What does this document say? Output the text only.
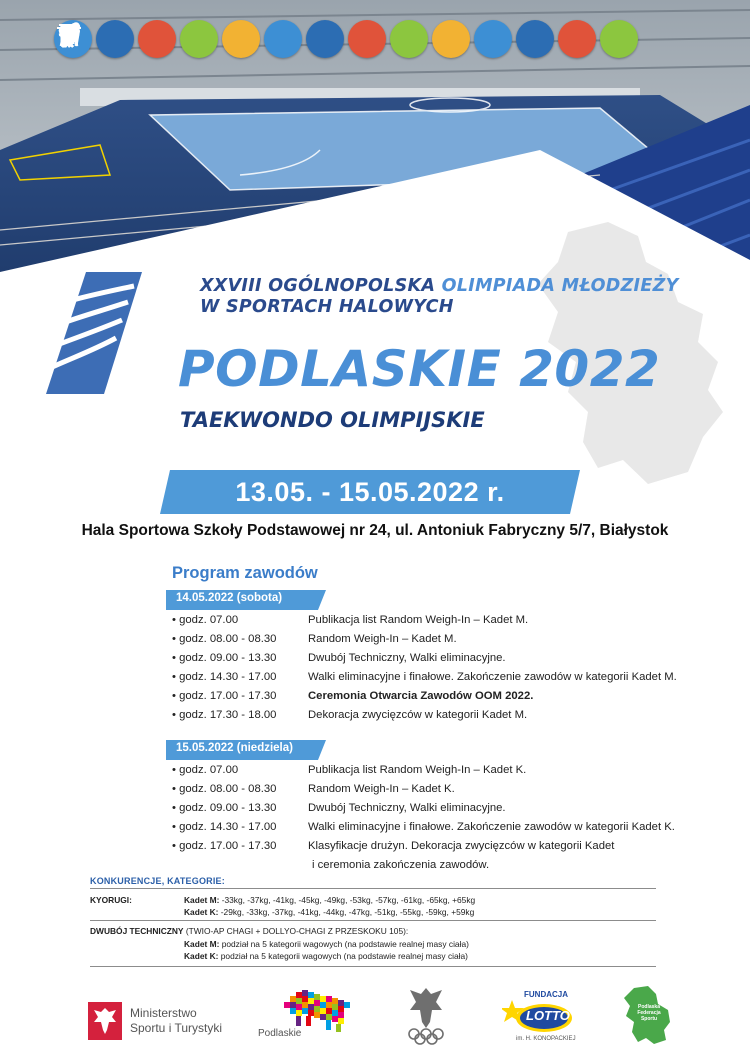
XXVIII OGÓLNOPOLSKA OLIMPIADA MŁODZIEŻY
W SPORTACH HALOWYCH
PODLASKIE 2022
TAEKWONDO OLIMPIJSKIE
13.05. - 15.05.2022 r.
Hala Sportowa Szkoły Podstawowej nr 24, ul. Antoniuk Fabryczny 5/7, Białystok
Program zawodów
14.05.2022 (sobota)
• godz. 07.00	Publikacja list Random Weigh-In – Kadet M.
• godz. 08.00 - 08.30	Random Weigh-In – Kadet M.
• godz. 09.00 - 13.30	Dwubój Techniczny, Walki eliminacyjne.
• godz. 14.30 - 17.00	Walki eliminacyjne i finałowe. Zakończenie zawodów w kategorii Kadet M.
• godz. 17.00 - 17.30	Ceremonia Otwarcia Zawodów OOM 2022.
• godz. 17.30 - 18.00	Dekoracja zwycięzców w kategorii Kadet M.
15.05.2022 (niedziela)
• godz. 07.00	Publikacja list Random Weigh-In – Kadet K.
• godz. 08.00 - 08.30	Random Weigh-In – Kadet K.
• godz. 09.00 - 13.30	Dwubój Techniczny, Walki eliminacyjne.
• godz. 14.30 - 17.00	Walki eliminacyjne i finałowe. Zakończenie zawodów w kategorii Kadet K.
• godz. 17.00 - 17.30	Klasyfikacje drużyn. Dekoracja zwycięzców w kategorii Kadet
i ceremonia zakończenia zawodów.
KONKURENCJE, KATEGORIE:
KYORUGI:	Kadet M: -33kg, -37kg, -41kg, -45kg, -49kg, -53kg, -57kg, -61kg, -65kg, +65kg
Kadet K: -29kg, -33kg, -37kg, -41kg, -44kg, -47kg, -51kg, -55kg, -59kg, +59kg
DWUBÓJ TECHNICZNY (TWIO-AP CHAGI + DOLLYO-CHAGI Z PRZESKOKU 105):
Kadet M: podział na 5 kategorii wagowych (na podstawie realnej masy ciała)
Kadet K: podział na 5 kategorii wagowych (na podstawie realnej masy ciała)
Ministerstwo
Sportu i Turystyki	Podlaskie
FUNDACJA
LOTTO
im. H. KONOPACKIEJ
Podlaska Federacja Sportu
